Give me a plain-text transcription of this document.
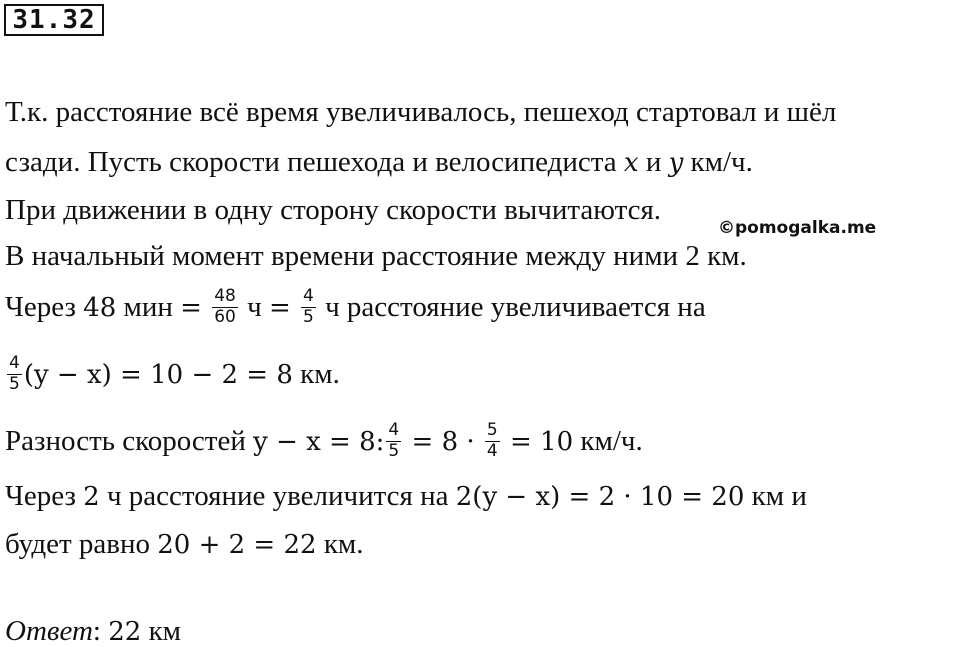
31.32
Т.к. расстояние всё время увеличивалось, пешеход стартовал и шёл
сзади. Пусть скорости пешехода и велосипедиста x и y км/ч.
При движении в одну сторону скорости вычитаются.
©pomogalka.me
В начальный момент времени расстояние между ними 2 км.
Через 48 мин = $\frac{48}{60}$ $ч = \frac{4}{5}$ ч расстояние увеличивается на
$\frac{4}{5} (y - x) = 10 - 2 = 8$ км.
Разность скоростей y − x = 8: $\frac{4}{5} = 8 \cdot \frac{5}{4} = 10$ км/ч.
Через 2 ч расстояние увеличится на 2(y − x) = 2 · 10 = 20 км и
будет равно 20 + 2 = 22 км.
Ответ: 22 км
